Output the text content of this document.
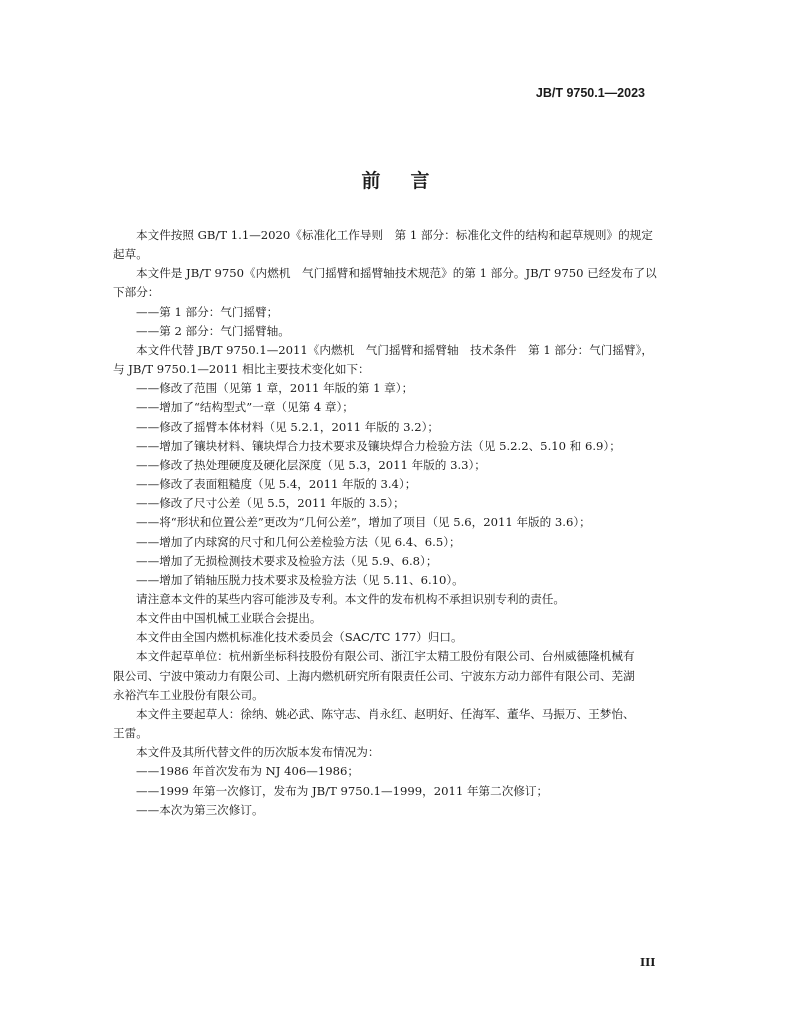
JB/T 9750.1—2023
前言

本文件按照 GB/T 1.1—2020《标准化工作导则　第 1 部分：标准化文件的结构和起草规则》的规定

起草。

本文件是 JB/T 9750《内燃机　气门摇臂和摇臂轴技术规范》的第 1 部分。JB/T 9750 已经发布了以

下部分：

——第 1 部分：气门摇臂；

——第 2 部分：气门摇臂轴。

本文件代替 JB/T 9750.1—2011《内燃机　气门摇臂和摇臂轴　技术条件　第 1 部分：气门摇臂》，

与 JB/T 9750.1—2011 相比主要技术变化如下：

——修改了范围（见第 1 章，2011 年版的第 1 章）；

——增加了“结构型式”一章（见第 4 章）；

——修改了摇臂本体材料（见 5.2.1，2011 年版的 3.2）；

——增加了镶块材料、镶块焊合力技术要求及镶块焊合力检验方法（见 5.2.2、5.10 和 6.9）；

——修改了热处理硬度及硬化层深度（见 5.3，2011 年版的 3.3）；

——修改了表面粗糙度（见 5.4，2011 年版的 3.4）；

——修改了尺寸公差（见 5.5，2011 年版的 3.5）；

——将“形状和位置公差”更改为“几何公差”，增加了项目（见 5.6，2011 年版的 3.6）；

——增加了内球窝的尺寸和几何公差检验方法（见 6.4、6.5）；

——增加了无损检测技术要求及检验方法（见 5.9、6.8）；

——增加了销轴压脱力技术要求及检验方法（见 5.11、6.10）。

请注意本文件的某些内容可能涉及专利。本文件的发布机构不承担识别专利的责任。

本文件由中国机械工业联合会提出。

本文件由全国内燃机标准化技术委员会（SAC/TC 177）归口。

本文件起草单位：杭州新坐标科技股份有限公司、浙江宇太精工股份有限公司、台州威德隆机械有

限公司、宁波中策动力有限公司、上海内燃机研究所有限责任公司、宁波东方动力部件有限公司、芜湖

永裕汽车工业股份有限公司。

本文件主要起草人：徐纳、姚必武、陈守志、肖永红、赵明好、任海军、董华、马振万、王梦怡、

王雷。

本文件及其所代替文件的历次版本发布情况为：

——1986 年首次发布为 NJ 406—1986；

——1999 年第一次修订，发布为 JB/T 9750.1—1999，2011 年第二次修订；

——本次为第三次修订。

III
